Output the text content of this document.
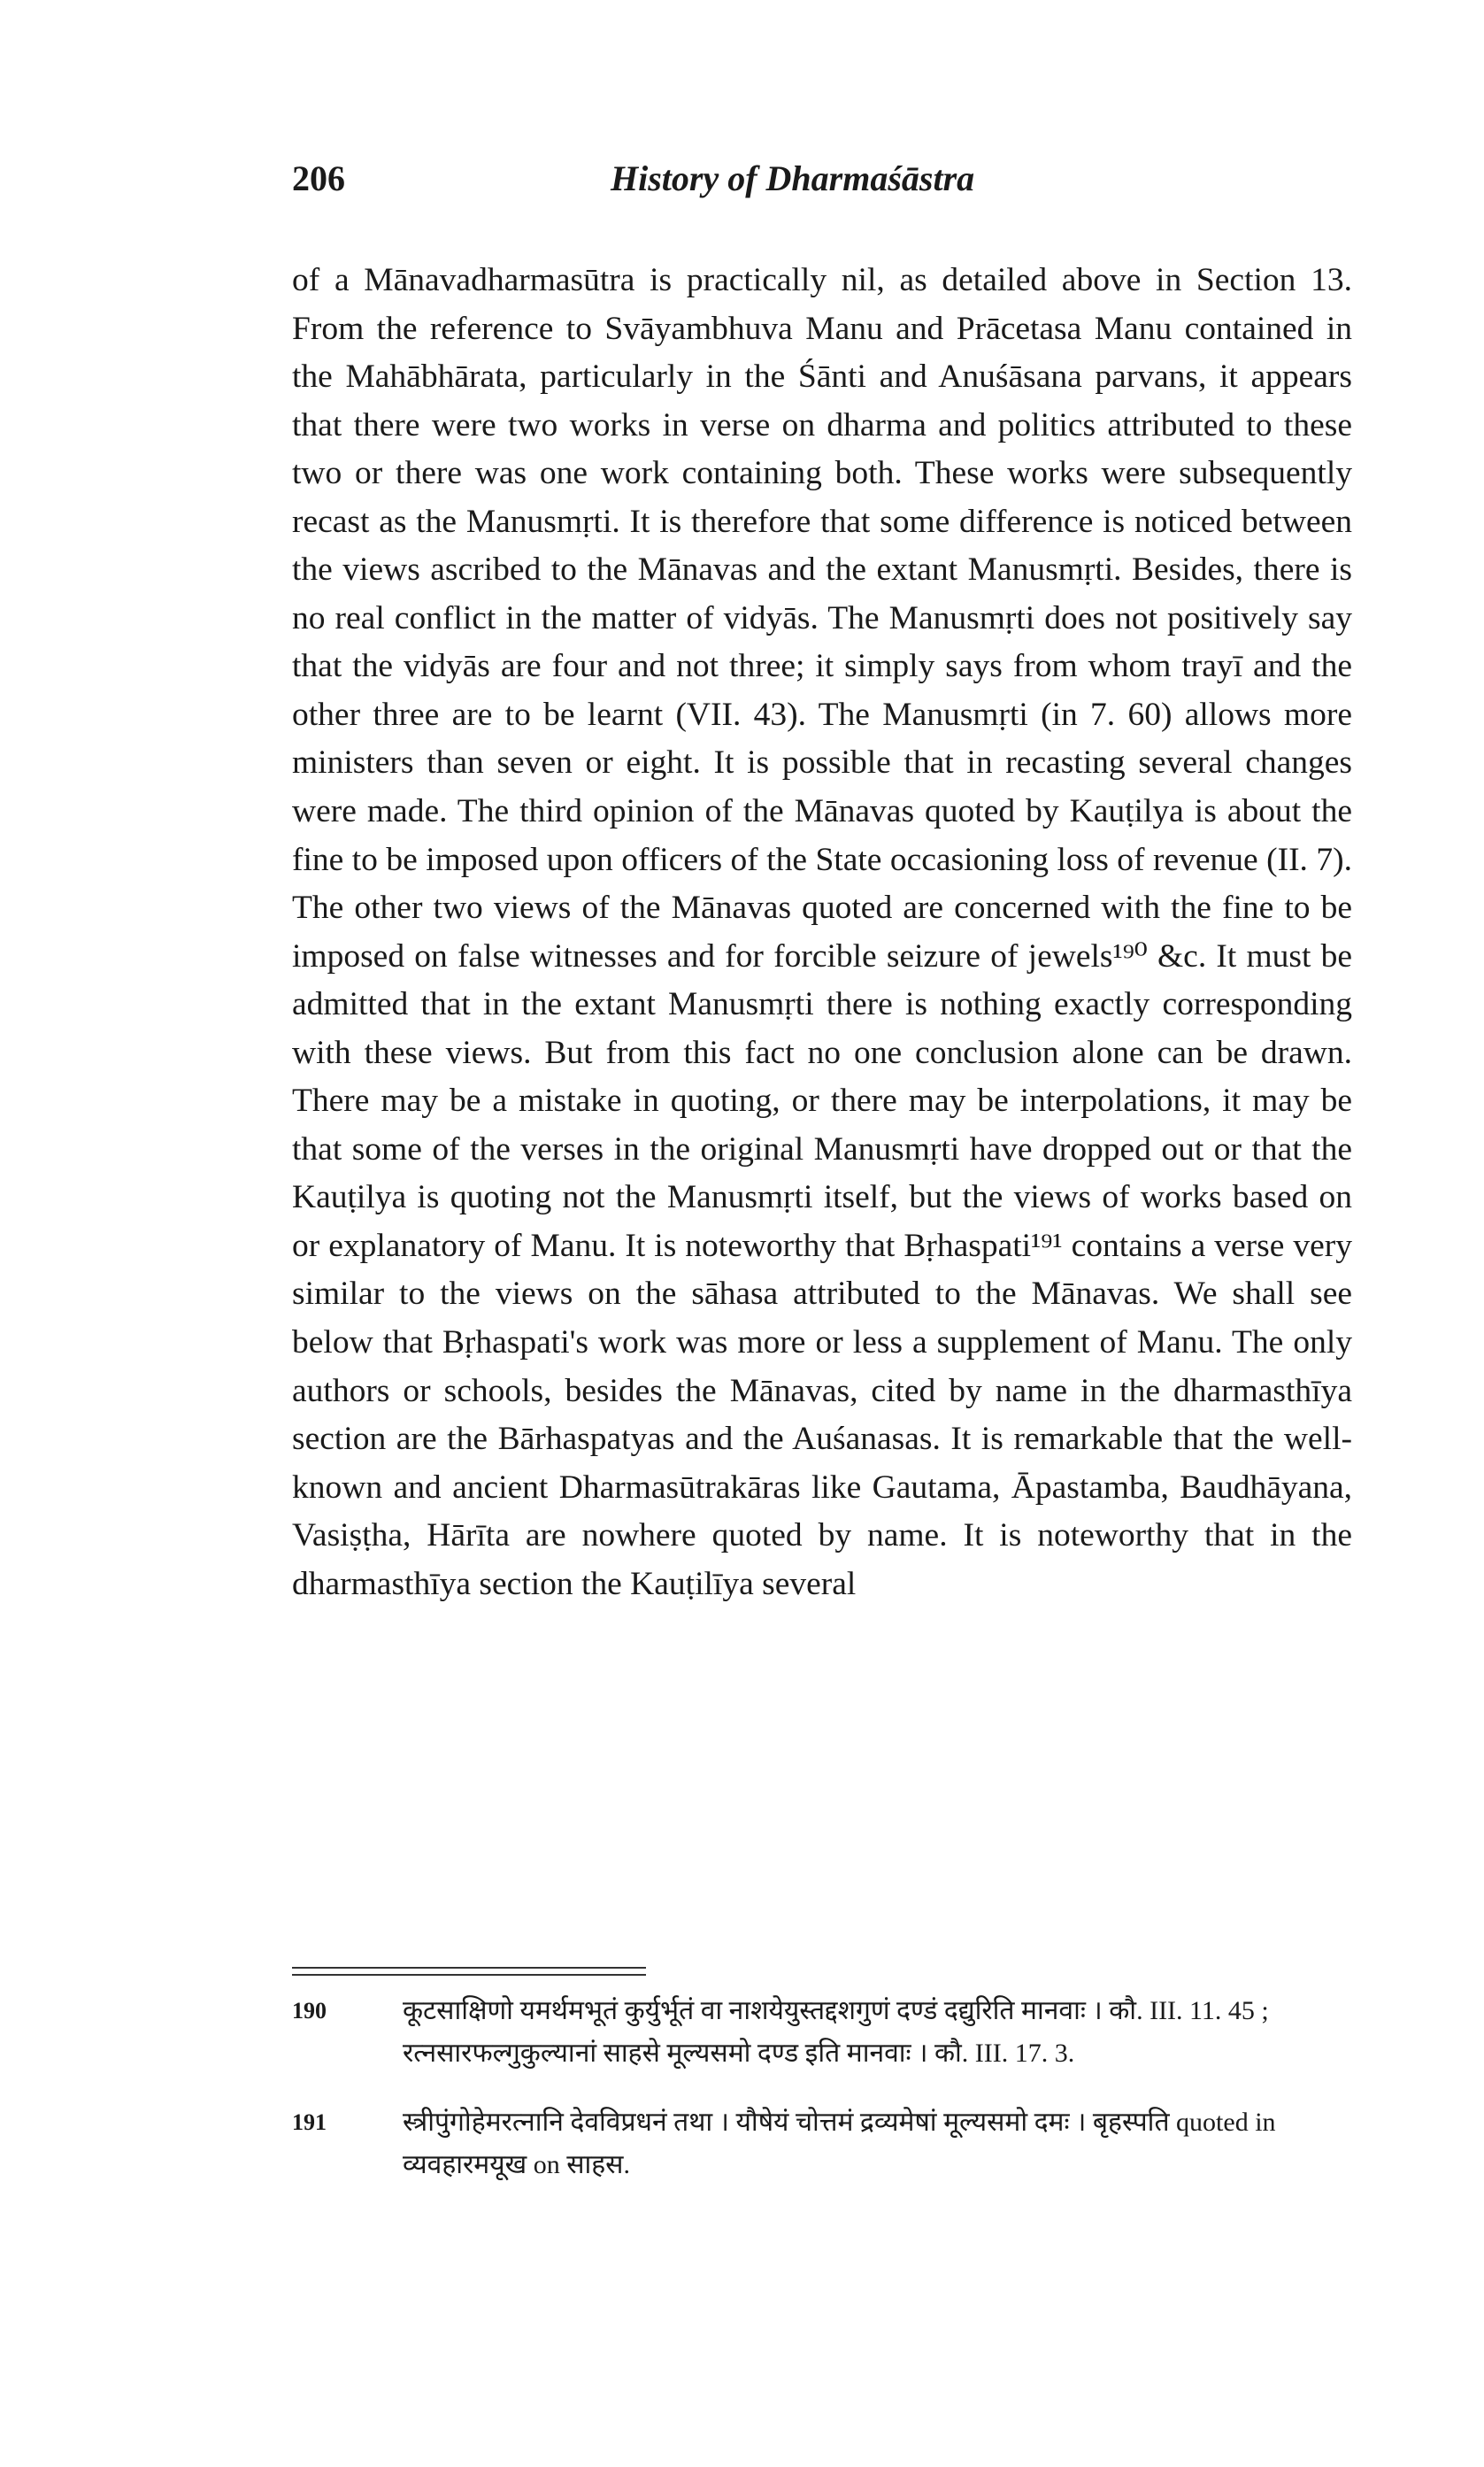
206	History of Dharmaśāstra

of a Mānavadharmasūtra is practically nil, as detailed above in Section 13. From the reference to Svāyambhuva Manu and Prācetasa Manu contained in the Mahābhārata, particularly in the Śānti and Anuśāsana parvans, it appears that there were two works in verse on dharma and politics attributed to these two or there was one work containing both. These works were subsequently recast as the Manusmṛti. It is therefore that some difference is noticed between the views ascribed to the Mānavas and the extant Manusmṛti. Besides, there is no real conflict in the matter of vidyās. The Manusmṛti does not positively say that the vidyās are four and not three; it simply says from whom trayī and the other three are to be learnt (VII. 43). The Manusmṛti (in 7. 60) allows more ministers than seven or eight. It is possible that in recasting several changes were made. The third opinion of the Mānavas quoted by Kauṭilya is about the fine to be imposed upon officers of the State occasioning loss of revenue (II. 7). The other two views of the Mānavas quoted are concerned with the fine to be imposed on false witnesses and for forcible seizure of jewels¹⁹⁰ &c. It must be admitted that in the extant Manusmṛti there is nothing exactly corresponding with these views. But from this fact no one conclusion alone can be drawn. There may be a mistake in quoting, or there may be interpolations, it may be that some of the verses in the original Manusmṛti have dropped out or that the Kauṭilya is quoting not the Manusmṛti itself, but the views of works based on or explanatory of Manu. It is noteworthy that Bṛhaspati¹⁹¹ contains a verse very similar to the views on the sāhasa attributed to the Mānavas. We shall see below that Bṛhaspati's work was more or less a supplement of Manu. The only authors or schools, besides the Mānavas, cited by name in the dharmasthīya section are the Bārhaspatyas and the Auśanasas. It is remarkable that the well-known and ancient Dharmasūtrakāras like Gautama, Āpastamba, Baudhāyana, Vasiṣṭha, Hārīta are nowhere quoted by name. It is noteworthy that in the dharmasthīya section the Kauṭilīya several

190	कूटसाक्षिणो यमर्थमभूतं कुर्युर्भूतं वा नाशयेयुस्तद्दशगुणं दण्डं दद्युरिति मानवाः । कौ. III. 11. 45 ; रत्नसारफल्गुकुल्यानां साहसे मूल्यसमो दण्ड इति मानवाः । कौ. III. 17. 3.
191	स्त्रीपुंगोहेमरत्नानि देवविप्रधनं तथा । यौषेयं चोत्तमं द्रव्यमेषां मूल्यसमो दमः । बृहस्पति quoted in व्यवहारमयूख on साहस.
